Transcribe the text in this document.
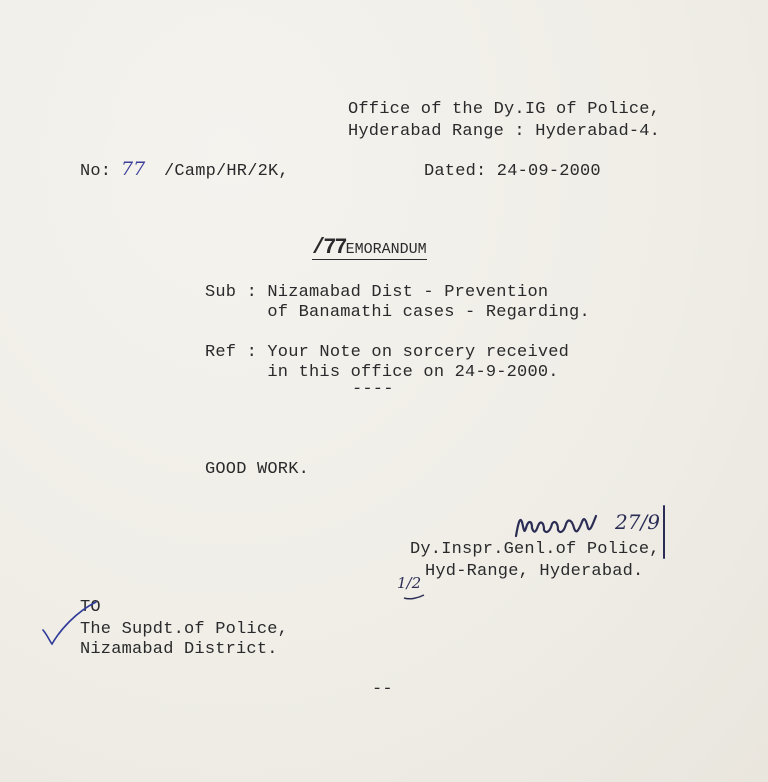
Office of the Dy.IG of Police,
Hyderabad Range : Hyderabad-4.
No: 77 /Camp/HR/2K,	Dated: 24-09-2000

/77EMORANDUM

Sub : Nizamabad Dist - Prevention
of Banamathi cases - Regarding.
Ref : Your Note on sorcery received
in this office on 24-9-2000.
----
GOOD WORK.
27/9
Dy.Inspr.Genl.of Police,
Hyd-Range, Hyderabad.
1/2
TO
The Supdt.of Police,
Nizamabad District.
--
